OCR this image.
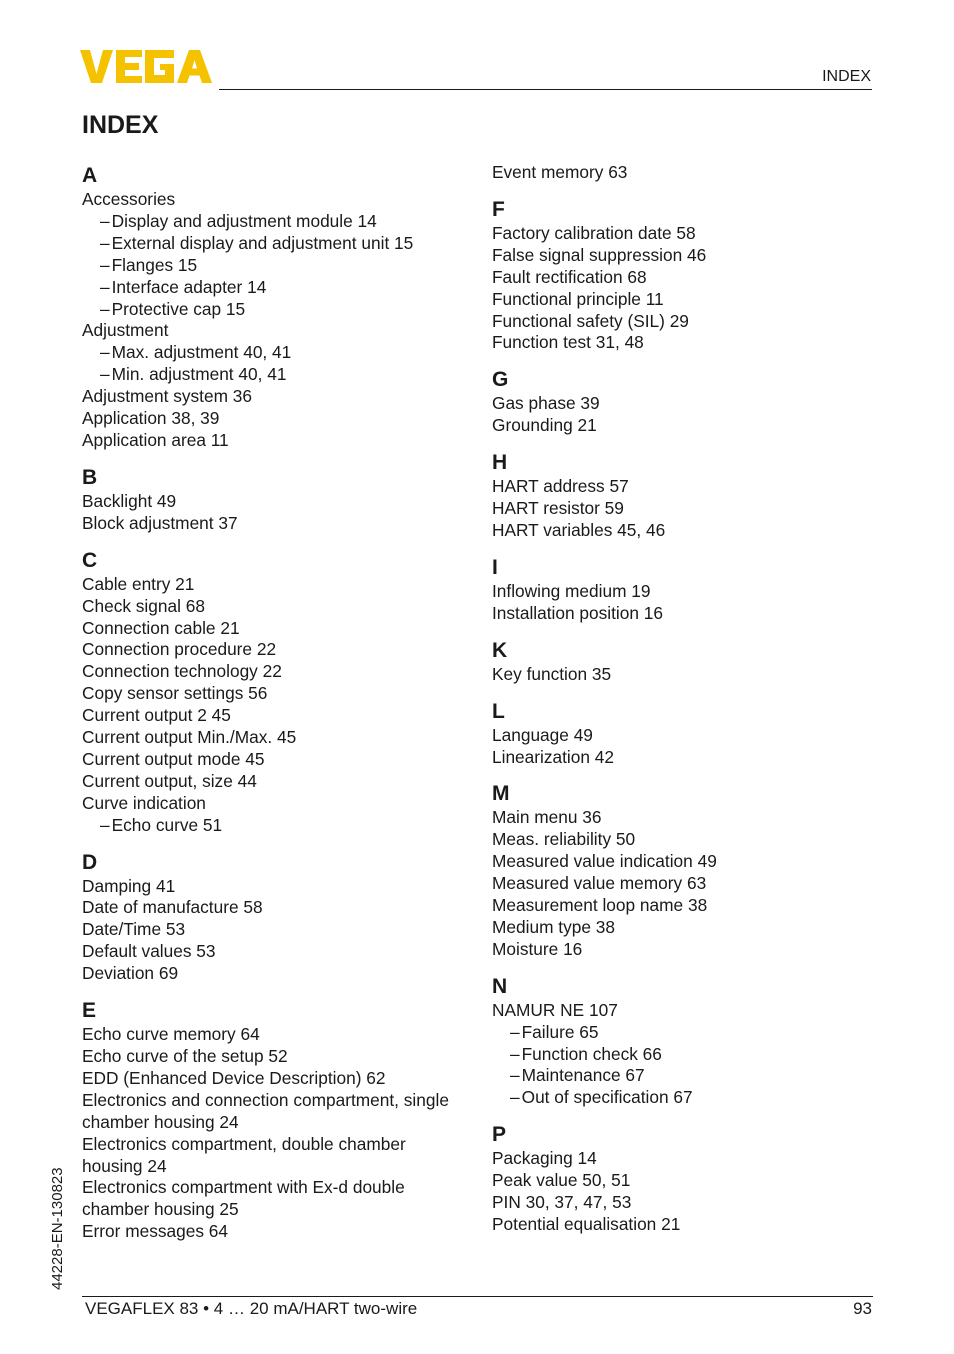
INDEX
INDEX
A
Accessories
– Display and adjustment module 14
– External display and adjustment unit 15
– Flanges 15
– Interface adapter 14
– Protective cap 15
Adjustment
– Max. adjustment 40, 41
– Min. adjustment 40, 41
Adjustment system 36
Application 38, 39
Application area 11
B
Backlight 49
Block adjustment 37
C
Cable entry 21
Check signal 68
Connection cable 21
Connection procedure 22
Connection technology 22
Copy sensor settings 56
Current output 2 45
Current output Min./Max. 45
Current output mode 45
Current output, size 44
Curve indication
– Echo curve 51
D
Damping 41
Date of manufacture 58
Date/Time 53
Default values 53
Deviation 69
E
Echo curve memory 64
Echo curve of the setup 52
EDD (Enhanced Device Description) 62
Electronics and connection compartment, single chamber housing 24
Electronics compartment, double chamber housing 24
Electronics compartment with Ex-d double chamber housing 25
Error messages 64
Event memory 63
F
Factory calibration date 58
False signal suppression 46
Fault rectification 68
Functional principle 11
Functional safety (SIL) 29
Function test 31, 48
G
Gas phase 39
Grounding 21
H
HART address 57
HART resistor 59
HART variables 45, 46
I
Inflowing medium 19
Installation position 16
K
Key function 35
L
Language 49
Linearization 42
M
Main menu 36
Meas. reliability 50
Measured value indication 49
Measured value memory 63
Measurement loop name 38
Medium type 38
Moisture 16
N
NAMUR NE 107
– Failure 65
– Function check 66
– Maintenance 67
– Out of specification 67
P
Packaging 14
Peak value 50, 51
PIN 30, 37, 47, 53
Potential equalisation 21
44228-EN-130823
VEGAFLEX 83 • 4 … 20 mA/HART two-wire	93
